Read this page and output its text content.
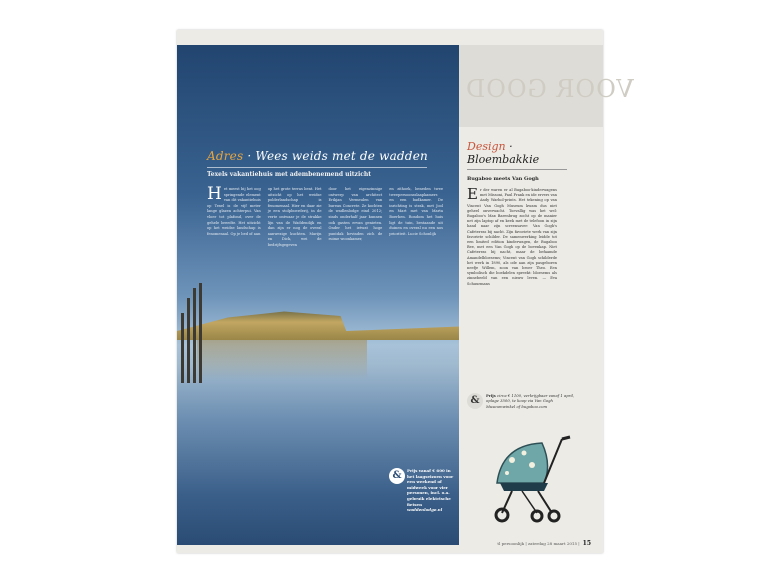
Adres · Wees weids met de wadden
Texels vakantiehuis met adembenemend uitzicht
Het meest bij het oog springende element van dit vakantiehuis op Texel is de vijf meter lange glazen achterpui. Van vloer tot plafond, over de gehele breedte. Het uitzicht op het weidse landschap is fenomenaal. Op je bed of aan
op het grote terras bent. Het uitzicht op het weidse polderlandschap is fenomenaal. Hier en daar zie je een stolpboerderij, in de verte ontwaar je de strakke lijn van de Waddendijk en dan zijn er nog de overal aanwezige kuchten. Marijn en Dick, wei de bedrijfsgegeven
door het eigenzinnige ontwerp van architect Erikjan Vermeulen van bureau Concrete. Ze kochten de wadlenlodge eind 2012; sinds onderhalf jaar kunnen ook gasten ervan genieten. Onder het ietwat hoge puntdak bevinden zich de ruime woonkamer,
en zithoek, beneden twee tweepersoonsslaapkamers en een badkamer. De inrichting is strak, met Jool en Mart met van Marta Boerhen. Rondom het huis ligt de tuin, bestaande uit duinen en overal nu een nos prioriteit. Lucie Schonlijk
&	Prijs vanaf € 600 in het laagseizoen voor een weekend of midweek voor vier personen, incl. o.a. gebruik elektrische fietsen waddenlodge.nl
VOOR GOOD
Design ·
Bloembakkie
Bugaboo meets Van Gogh
Er ​​der waren er al Bugaboo-kinderwagens met Missoni, Paul Frank en ide ervers van Andy Warhol-prints. Het tekening op van Vincent Van Gogh Museum kwam dus niet geheel onverwacht. Toevallig was het wel: Bugaboo's Max Barenbrug zocht op de manier net zijn laptop af en keek met de telefoon in zijn hand naar zijn screensaver: Van Gogh's Cafeterras bij nacht. Zijn favoriete werk van zijn favoriete schilder. De samenwerking leidde tot een limited edition kinderwagen, de Bugaboo Bee, met een Van Gogh op de bovenkap. Niet Cafeterras bij nacht, maar de befaamde Amandelbloesems; Vincent van Gogh schilderde het werk in 1890, als ode aan zijn pasgeboren neefje Willem, zoon van broer Theo. Een symbolisch die boekdelen spreekt: bloesems als zinnebeeld van een nieuw leven. — Eva Schuurmans
&	Prijs circa € 1100, verkrijgbaar vanaf 1 april, oplage 3500, te koop via Van Gogh Museumwinkel of bugaboo.com
tl persoonlijk | zaterdag 28 maart 2015 | 15
